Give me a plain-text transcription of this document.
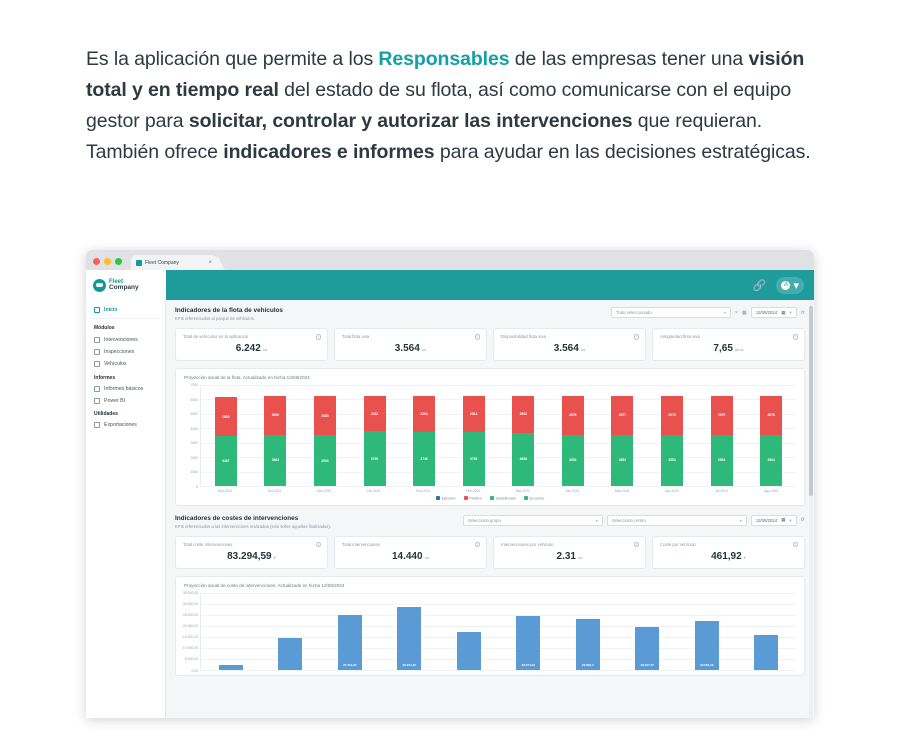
Es la aplicación que permite a los Responsables de las empresas tener una visión total y en tiempo real del estado de su flota, así como comunicarse con el equipo gestor para solicitar, controlar y autorizar las intervenciones que requieran. También ofrece indicadores e informes para ayudar en las decisiones estratégicas.
Fleet Company	×
Fleet
Company	🔗	A ▾
Inicio
Módulos
Intervenciones
Inspecciones
Vehículos
Informes
Informes básicos
Power BI
Utilidades
Exportaciones
Indicadores de la flota de vehículos
KPIs referenciados al parque de vehículos.
Todo seleccionado	▾ × ▦ 12/08/2024 ▦ × ⟳
Total de vehículos en la aplicación	i
6.242 ud
Total flota viva	i
3.564 ud
Disponibilidad flota viva	i
3.564 ud
Antigüedad flota viva	i
7,65 años
Proyección anual de la flota. Actualizado en fecha 12/08/2024
0
1000
2000
3000
4000
5000
6000
7000
2655
3487
2666
3562
2689
3533
2432
3790
2494
3746
2512
3758
2552
3688
2676
3552
2677
3552
2678
3553
2679
3554
2678
3564
Sep-2023	Oct-2023	Nov-2023	Dic-2023	Ene-2024	Feb-2024	Mar-2024	Abr-2024	May-2024	Jun-2024	Jul-2024	Ago-2024
Ejecutivo	Prevtivo	Sobrellevado	En correo
Indicadores de costes de intervenciones
KPIs referenciados a las intervenciones realizadas (solo sobre aquellas finalizadas).
Selecciona grupo	▾	Selecciona centro	▾	12/08/2024 ▦ × ⟳
Total coste intervenciones	i
83.294,59 €
Total intervenciones	i
14.440 ud
Intervenciones por vehículo	i
2.31 ud
Coste por vehículo	i
461,92 €
Proyección anual de coste de intervenciones. Actualizado en fecha 12/08/2024
35.000,00
30.000,00
25.000,00
20.000,00
15.000,00
10.000,00
5.000,00
0,00
27.416,20	29.671,30	32.074,24	29.860,4	29.917,67	30.606,19
